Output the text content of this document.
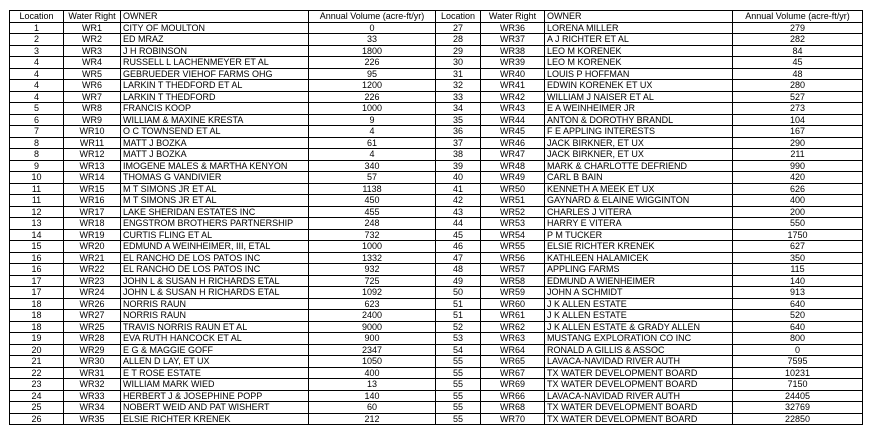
Location	Water Right	OWNER	Annual Volume (acre-ft/yr)	Location	Water Right	OWNER	Annual Volume (acre-ft/yr)
1	WR1	CITY OF MOULTON	0	27	WR36	LORENA MILLER	279
2	WR2	ED MRAZ	33	28	WR37	A J RICHTER ET AL	282
3	WR3	J H ROBINSON	1800	29	WR38	LEO M KORENEK	84
4	WR4	RUSSELL L LACHENMEYER ET AL	226	30	WR39	LEO M KORENEK	45
4	WR5	GEBRUEDER VIEHOF FARMS OHG	95	31	WR40	LOUIS P HOFFMAN	48
4	WR6	LARKIN T THEDFORD ET AL	1200	32	WR41	EDWIN KORENEK ET UX	280
4	WR7	LARKIN T THEDFORD	226	33	WR42	WILLIAM J NAISER ET AL	527
5	WR8	FRANCIS KOOP	1000	34	WR43	E A WEINHEIMER JR	273
6	WR9	WILLIAM & MAXINE KRESTA	9	35	WR44	ANTON & DOROTHY BRANDL	104
7	WR10	O C TOWNSEND ET AL	4	36	WR45	F E APPLING INTERESTS	167
8	WR11	MATT J BOZKA	61	37	WR46	JACK BIRKNER, ET UX	290
8	WR12	MATT J BOZKA	4	38	WR47	JACK BIRKNER, ET UX	211
9	WR13	IMOGENE MALES & MARTHA KENYON	340	39	WR48	MARK & CHARLOTTE DEFRIEND	990
10	WR14	THOMAS G VANDIVIER	57	40	WR49	CARL B BAIN	420
11	WR15	M T SIMONS JR ET AL	1138	41	WR50	KENNETH A MEEK ET UX	626
11	WR16	M T SIMONS JR ET AL	450	42	WR51	GAYNARD & ELAINE WIGGINTON	400
12	WR17	LAKE SHERIDAN ESTATES INC	455	43	WR52	CHARLES J VITERA	200
13	WR18	ENGSTROM BROTHERS PARTNERSHIP	248	44	WR53	HARRY E VITERA	550
14	WR19	CURTIS FLING ET AL	732	45	WR54	P M TUCKER	1750
15	WR20	EDMUND A WEINHEIMER, III, ETAL	1000	46	WR55	ELSIE RICHTER KRENEK	627
16	WR21	EL RANCHO DE LOS PATOS INC	1332	47	WR56	KATHLEEN HALAMICEK	350
16	WR22	EL RANCHO DE LOS PATOS INC	932	48	WR57	APPLING FARMS	115
17	WR23	JOHN L & SUSAN H RICHARDS ETAL	725	49	WR58	EDMUND A WIENHEIMER	140
17	WR24	JOHN L & SUSAN H RICHARDS ETAL	1092	50	WR59	JOHN A SCHMIDT	913
18	WR26	NORRIS RAUN	623	51	WR60	J K ALLEN ESTATE	640
18	WR27	NORRIS RAUN	2400	51	WR61	J K ALLEN ESTATE	520
18	WR25	TRAVIS NORRIS RAUN ET AL	9000	52	WR62	J K ALLEN ESTATE & GRADY ALLEN	640
19	WR28	EVA RUTH HANCOCK ET AL	900	53	WR63	MUSTANG EXPLORATION CO INC	800
20	WR29	E G & MAGGIE GOFF	2347	54	WR64	RONALD A GILLIS & ASSOC	0
21	WR30	ALLEN D LAY, ET UX	1050	55	WR65	LAVACA-NAVIDAD RIVER AUTH	7595
22	WR31	E T ROSE ESTATE	400	55	WR67	TX WATER DEVELOPMENT BOARD	10231
23	WR32	WILLIAM MARK WIED	13	55	WR69	TX WATER DEVELOPMENT BOARD	7150
24	WR33	HERBERT J & JOSEPHINE POPP	140	55	WR66	LAVACA-NAVIDAD RIVER AUTH	24405
25	WR34	NOBERT WEID AND PAT WISHERT	60	55	WR68	TX WATER DEVELOPMENT BOARD	32769
26	WR35	ELSIE RICHTER KRENEK	212	55	WR70	TX WATER DEVELOPMENT BOARD	22850
